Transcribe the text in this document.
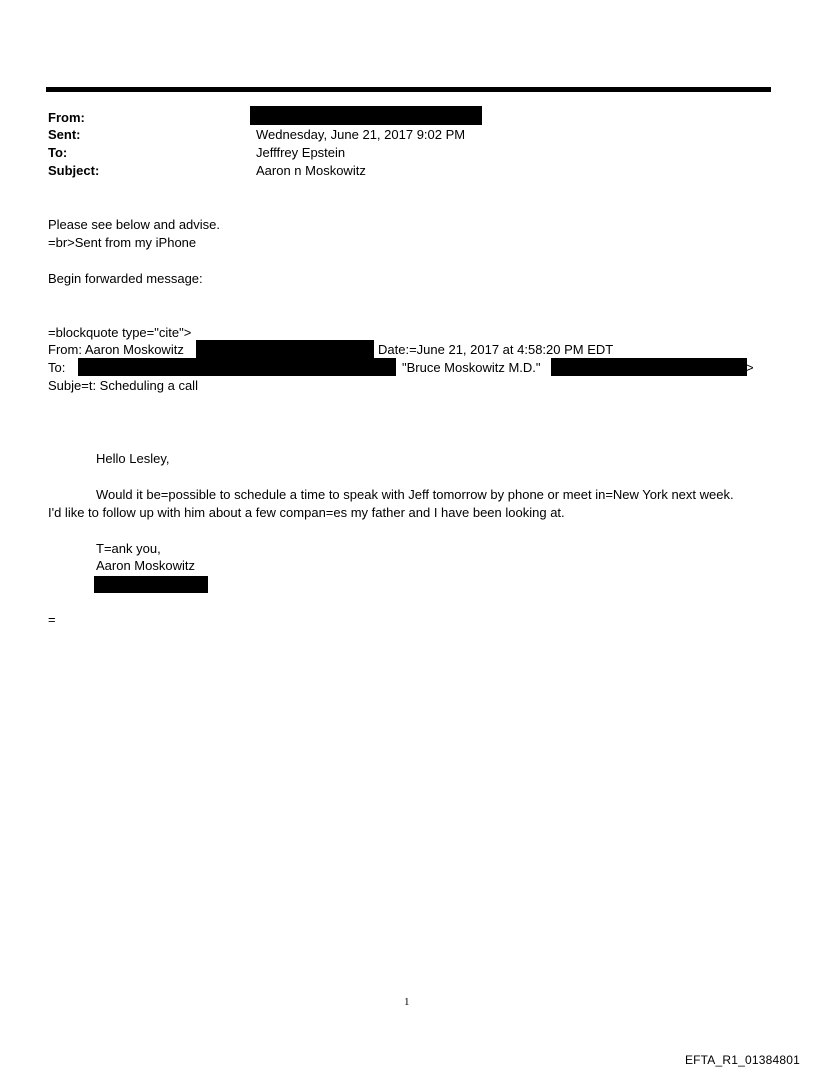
From:
Sent:	Wednesday, June 21, 2017 9:02 PM
To:	Jefffrey Epstein
Subject:	Aaron n Moskowitz
Please see below and advise.
=br>Sent from my iPhone
Begin forwarded message:
=blockquote type="cite">
From: Aaron Moskowitz	Date:=June 21, 2017 at 4:58:20 PM EDT
To:	"Bruce Moskowitz M.D."	>
Subje=t: Scheduling a call
Hello Lesley,
Would it be=possible to schedule a time to speak with Jeff tomorrow by phone or meet in=New York next week.
I'd like to follow up with him about a few compan=es my father and I have been looking at.
T=ank you,
Aaron Moskowitz
=
1
EFTA_R1_01384801
